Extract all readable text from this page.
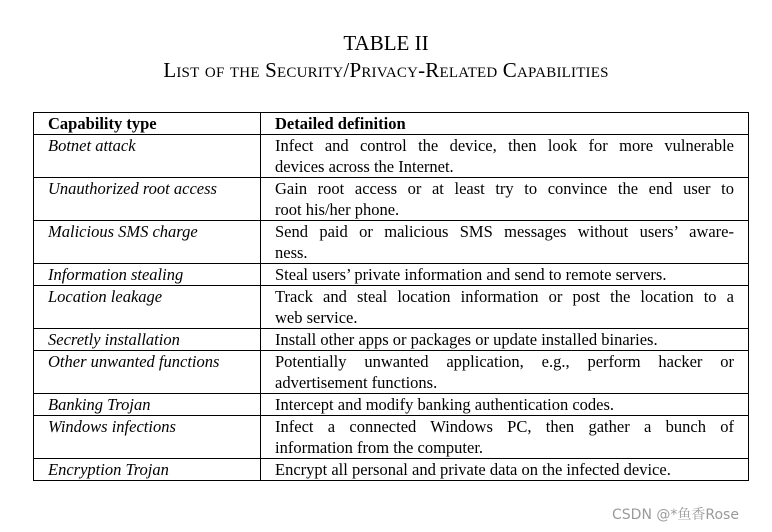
TABLE II
List of the Security/Privacy-Related Capabilities
Capability type	Detailed definition
Botnet attack	Infect and control the device, then look for more vulnerable
devices across the Internet.

Unauthorized root access	Gain root access or at least try to convince the end user to
root his/her phone.

Malicious SMS charge	Send paid or malicious SMS messages without users’ aware-
ness.

Information stealing	Steal users’ private information and send to remote servers.

Location leakage	Track and steal location information or post the location to a
web service.

Secretly installation	Install other apps or packages or update installed binaries.

Other unwanted functions	Potentially unwanted application, e.g., perform hacker or
advertisement functions.

Banking Trojan	Intercept and modify banking authentication codes.

Windows infections	Infect a connected Windows PC, then gather a bunch of
information from the computer.

Encryption Trojan	Encrypt all personal and private data on the infected device.
CSDN @*鱼香Rose
